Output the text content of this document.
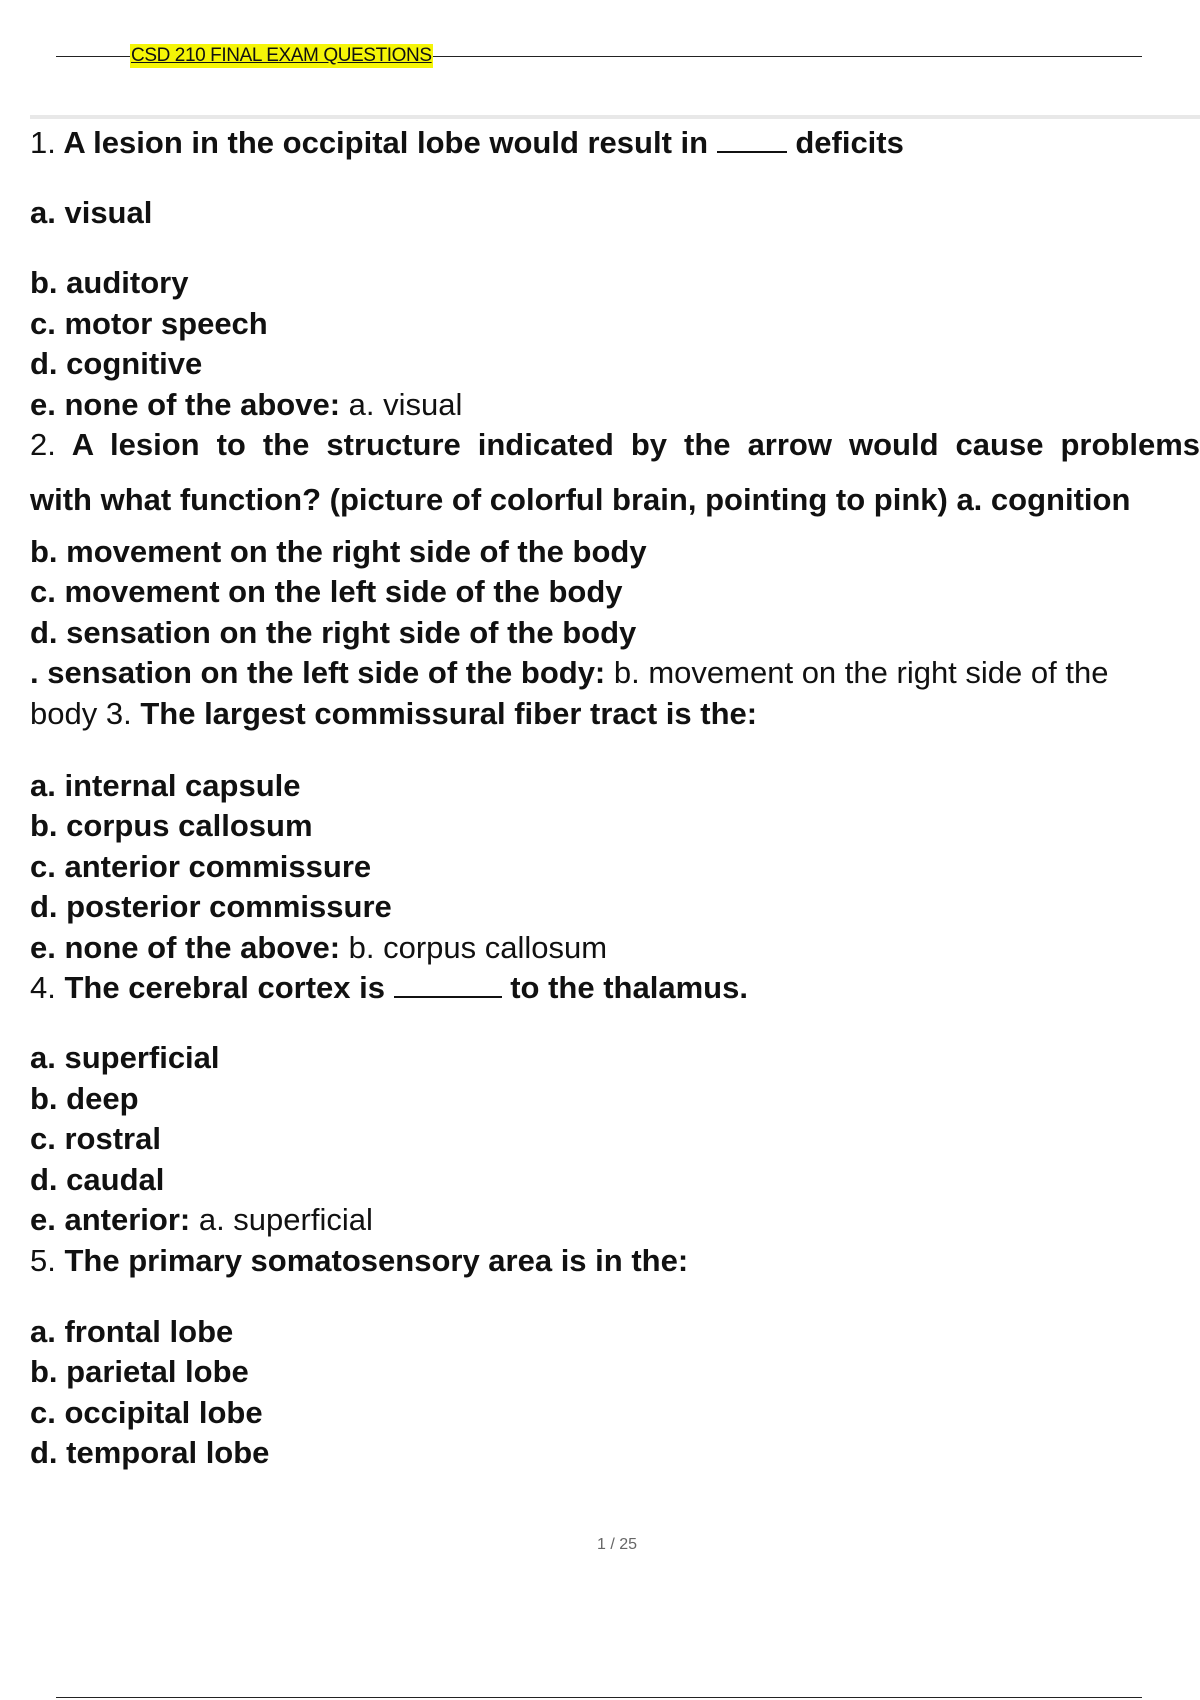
CSD 210 FINAL EXAM QUESTIONS
1. A lesion in the occipital lobe would result in	deficits
a. visual
b. auditory
c. motor speech
d. cognitive
e. none of the above: a. visual
2. A lesion to the structure indicated by the arrow would cause problems
with what function? (picture of colorful brain, pointing to pink) a. cognition
b. movement on the right side of the body
c. movement on the left side of the body
d. sensation on the right side of the body
. sensation on the left side of the body: b. movement on the right side of the
body 3. The largest commissural fiber tract is the:
a. internal capsule
b. corpus callosum
c. anterior commissure
d. posterior commissure
e. none of the above: b. corpus callosum
4. The cerebral cortex is	to the thalamus.
a. superficial
b. deep
c. rostral
d. caudal
e. anterior: a. superficial
5. The primary somatosensory area is in the:
a. frontal lobe
b. parietal lobe
c. occipital lobe
d. temporal lobe
1 / 25
